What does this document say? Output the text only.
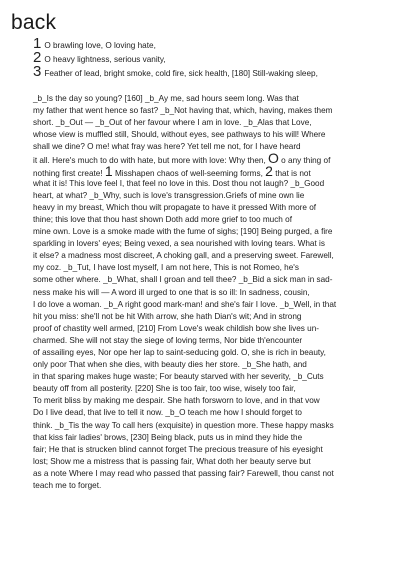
back
1 O brawling love, O loving hate,
2 O heavy lightness, serious vanity,
3 Feather of lead, bright smoke, cold fire, sick health, [180] Still-waking sleep,
_b_Is the day so young? [160] _b_Ay me, sad hours seem long. Was that
my father that went hence so fast? _b_Not having that, which, having, makes them
short. _b_Out — _b_Out of her favour where I am in love. _b_Alas that Love,
whose view is muffled still, Should, without eyes, see pathways to his will! Where
shall we dine? O me! what fray was here? Yet tell me not, for I have heard
it all. Here's much to do with hate, but more with love: Why then, O o any thing of
nothing first create! 1 Misshapen chaos of well-seeming forms, 2 that is not
what it is! This love feel I, that feel no love in this. Dost thou not laugh? _b_Good
heart, at what? _b_Why, such is love's transgression.Griefs of mine own lie
heavy in my breast, Which thou wilt propagate to have it pressed With more of
thine; this love that thou hast shown Doth add more grief to too much of
mine own. Love is a smoke made with the fume of sighs; [190] Being purged, a fire
sparkling in lovers' eyes; Being vexed, a sea nourished with loving tears. What is
it else? a madness most discreet, A choking gall, and a preserving sweet. Farewell,
my coz. _b_Tut, I have lost myself, I am not here, This is not Romeo, he's
some other where. _b_What, shall I groan and tell thee? _b_Bid a sick man in sad-
ness make his will — A word ill urged to one that is so ill: In sadness, cousin,
I do love a woman. _b_A right good mark-man! and she's fair I love. _b_Well, in that
hit you miss: she'll not be hit With arrow, she hath Dian's wit; And in strong
proof of chastity well armed, [210] From Love's weak childish bow she lives un-
charmed. She will not stay the siege of loving terms, Nor bide th'encounter
of assailing eyes, Nor ope her lap to saint-seducing gold. O, she is rich in beauty,
only poor That when she dies, with beauty dies her store. _b_She hath, and
in that sparing makes huge waste; For beauty starved with her severity, _b_Cuts
beauty off from all posterity. [220] She is too fair, too wise, wisely too fair,
To merit bliss by making me despair. She hath forsworn to love, and in that vow
Do I live dead, that live to tell it now. _b_O teach me how I should forget to
think. _b_Tis the way To call hers (exquisite) in question more. These happy masks
that kiss fair ladies' brows, [230] Being black, puts us in mind they hide the
fair; He that is strucken blind cannot forget The precious treasure of his eyesight
lost; Show me a mistress that is passing fair, What doth her beauty serve but
as a note Where I may read who passed that passing fair? Farewell, thou canst not
teach me to forget.
